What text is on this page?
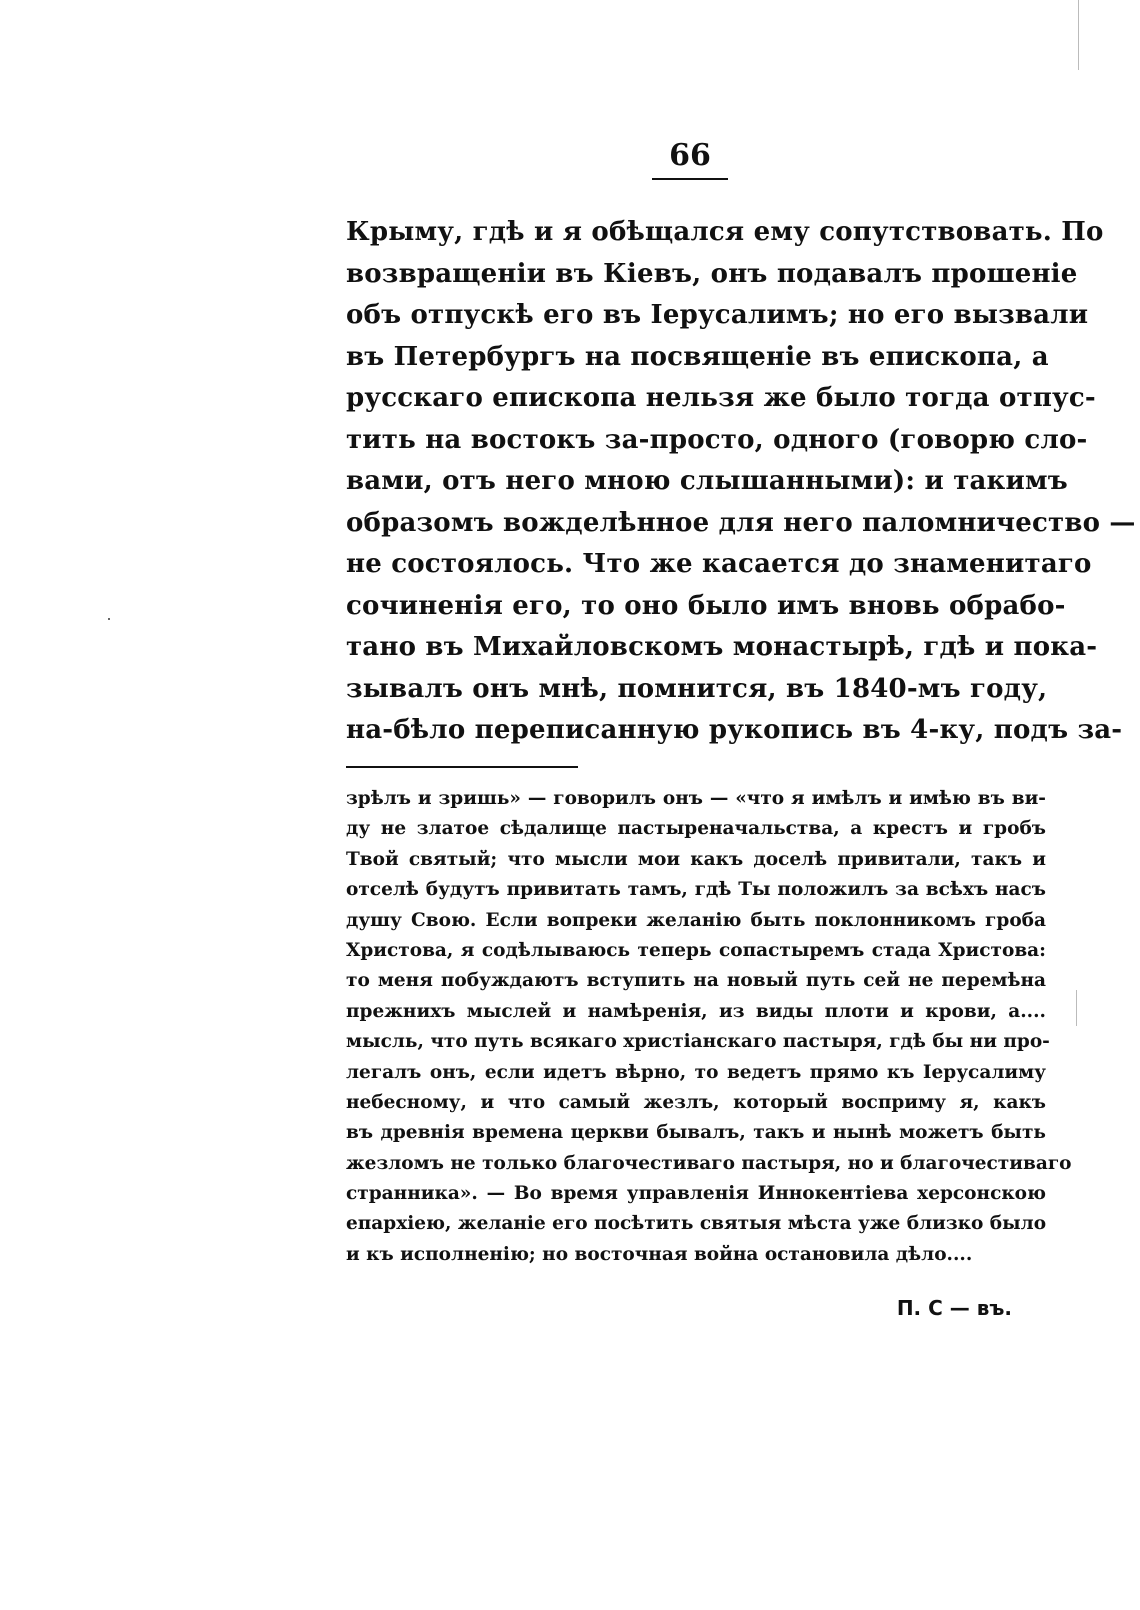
66
Крыму, гдѣ и я обѣщался ему сопутствовать. По
возвращеніи въ Кіевъ, онъ подавалъ прошеніе
объ отпускѣ его въ Іерусалимъ; но его вызвали
въ Петербургъ на посвященіе въ епископа, а
русскаго епископа нельзя же было тогда отпус-
тить на востокъ за-просто, одного (говорю сло-
вами, отъ него мною слышанными): и такимъ
образомъ вожделѣнное для него паломничество —
не состоялось. Что же касается до знаменитаго
сочиненія его, то оно было имъ вновь обрабо-
тано въ Михайловскомъ монастырѣ, гдѣ и пока-
зывалъ онъ мнѣ, помнится, въ 1840-мъ году,
на-бѣло переписанную рукопись въ 4-ку, подъ за-
зрѣлъ и зришь» — говорилъ онъ — «что я имѣлъ и имѣю въ ви-
ду не златое сѣдалище пастыреначальства, а крестъ и гробъ
Твой святый; что мысли мои какъ доселѣ привитали, такъ и
отселѣ будутъ привитать тамъ, гдѣ Ты положилъ за всѣхъ насъ
душу Свою. Если вопреки желанію быть поклонникомъ гроба
Христова, я содѣлываюсь теперь сопастыремъ стада Христова:
то меня побуждаютъ вступить на новый путь сей не перемѣна
прежнихъ мыслей и намѣренія, из виды плоти и крови, а....
мысль, что путь всякаго христіанскаго пастыря, гдѣ бы ни про-
легалъ онъ, если идетъ вѣрно, то ведетъ прямо къ Іерусалиму
небесному, и что самый жезлъ, который восприму я, какъ
въ древнія времена церкви бывалъ, такъ и нынѣ можетъ быть
жезломъ не только благочестиваго пастыря, но и благочестиваго
странника». — Во время управленія Иннокентіева херсонскою
епархіею, желаніе его посѣтить святыя мѣста уже близко было
и къ исполненію; но восточная война остановила дѣло....
П. С — въ.
